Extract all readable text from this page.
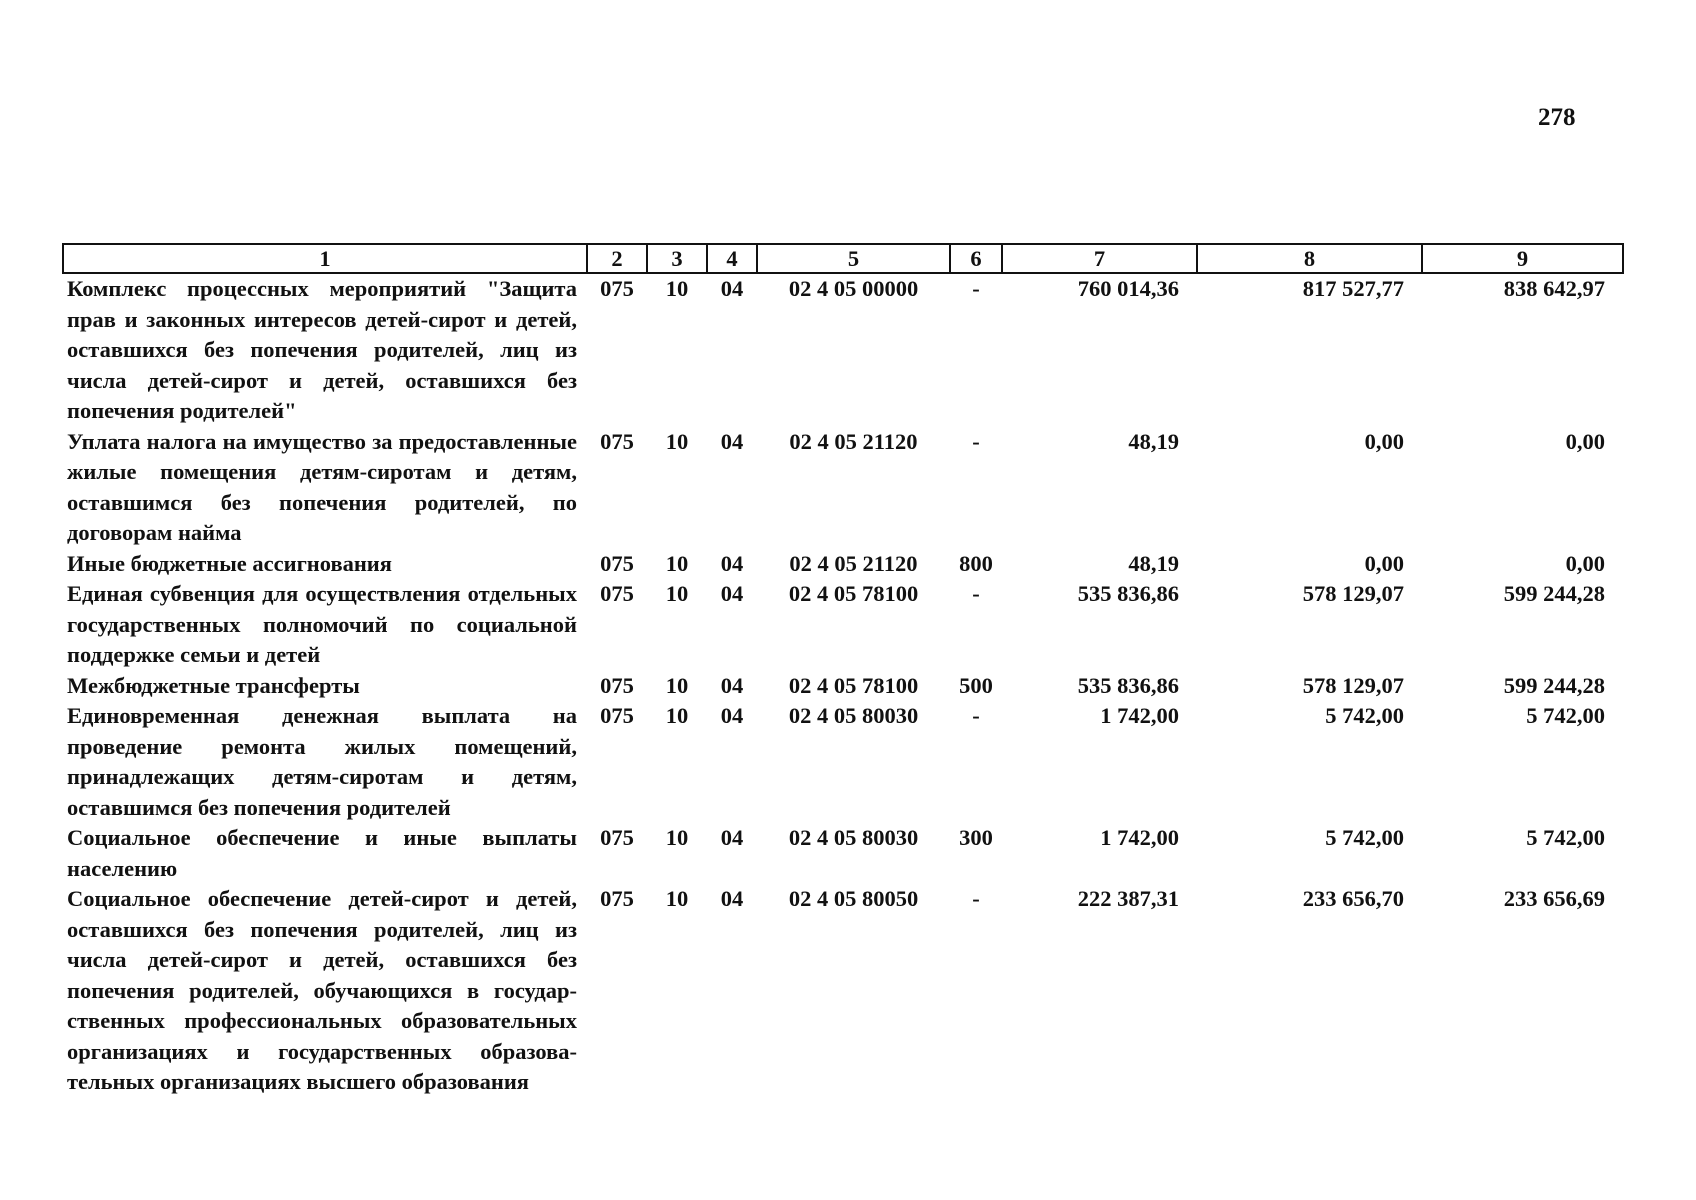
278
1	2	3	4	5	6	7	8	9
Комплекс процессных мероприятий "Защита прав и законных интересов детей-сирот и детей, оставшихся без попечения родителей, лиц из числа детей-сирот и детей, оставшихся без попечения родителей"	075	10	04	02 4 05 00000	-	760 014,36	817 527,77	838 642,97
Уплата налога на имущество за предоставленные жилые помещения детям-сиротам и детям, оставшимся без попечения родителей, по договорам найма	075	10	04	02 4 05 21120	-	48,19	0,00	0,00
Иные бюджетные ассигнования	075	10	04	02 4 05 21120	800	48,19	0,00	0,00
Единая субвенция для осуществления отдельных государственных полномочий по социальной поддержке семьи и детей	075	10	04	02 4 05 78100	-	535 836,86	578 129,07	599 244,28
Межбюджетные трансферты	075	10	04	02 4 05 78100	500	535 836,86	578 129,07	599 244,28
Единовременная денежная выплата на проведение ремонта жилых помещений, принадлежащих детям-сиротам и детям, оставшимся без попечения родителей	075	10	04	02 4 05 80030	-	1 742,00	5 742,00	5 742,00
Социальное обеспечение и иные выплаты населению	075	10	04	02 4 05 80030	300	1 742,00	5 742,00	5 742,00
Социальное обеспечение детей-сирот и детей, оставшихся без попечения родителей, лиц из числа детей-сирот и детей, оставшихся без попечения родителей, обучающихся в государственных профессиональных образовательных организациях и государственных образовательных организациях высшего образования	075	10	04	02 4 05 80050	-	222 387,31	233 656,70	233 656,69
